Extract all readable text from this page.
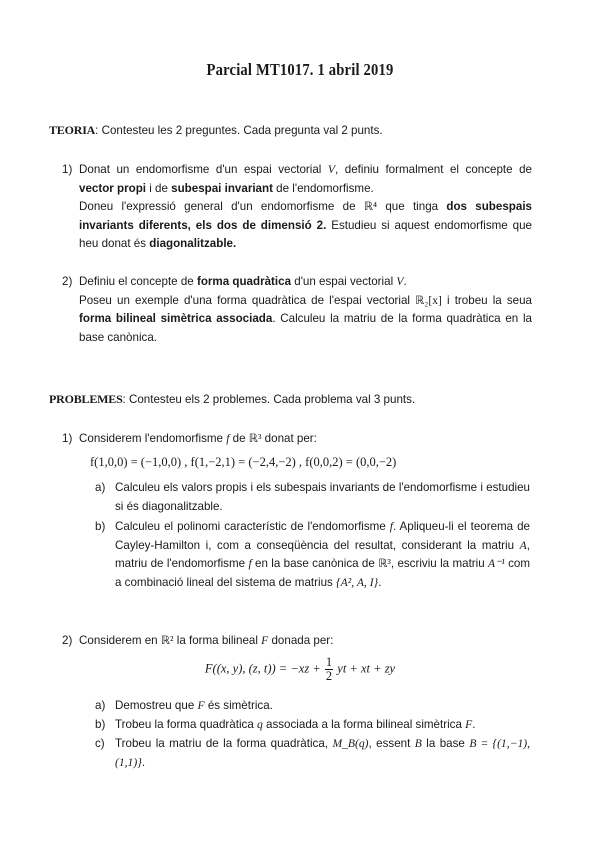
Parcial MT1017. 1 abril 2019
TEORIA: Contesteu les 2 preguntes. Cada pregunta val 2 punts.
1) Donat un endomorfisme d'un espai vectorial V, definiu formalment el concepte de vector propi i de subespai invariant de l'endomorfisme.

Doneu l'expressió general d'un endomorfisme de ℝ⁴ que tinga dos subespais invariants diferents, els dos de dimensió 2. Estudieu si aquest endomorfisme que heu donat és diagonalitzable.

2) Definiu el concepte de forma quadràtica d'un espai vectorial V.

Poseu un exemple d'una forma quadràtica de l'espai vectorial ℝ₂[x] i trobeu la seua forma bilineal simètrica associada. Calculeu la matriu de la forma quadràtica en la base canònica.

PROBLEMES: Contesteu els 2 problemes. Cada problema val 3 punts.
1) Considerem l'endomorfisme f de ℝ³ donat per:
f(1,0,0) = (−1,0,0) , f(1,−2,1) = (−2,4,−2) , f(0,0,2) = (0,0,−2)
a) Calculeu els valors propis i els subespais invariants de l'endomorfisme i estudieu si és diagonalitzable.
b) Calculeu el polinomi característic de l'endomorfisme f. Apliqueu-li el teorema de Cayley-Hamilton i, com a conseqüència del resultat, considerant la matriu A, matriu de l'endomorfisme f en la base canònica de ℝ³, escriviu la matriu A⁻¹ com a combinació lineal del sistema de matrius {A², A, I}.
2) Considerem en ℝ² la forma bilineal F donada per:
F((x, y), (z, $t)) = -xz + \frac{1}{2}$ yt + xt + zy
a) Demostreu que F és simètrica.
b) Trobeu la forma quadràtica q associada a la forma bilineal simètrica F.
c) Trobeu la matriu de la forma quadràtica, M_B(q), essent B la base B = {(1,−1), (1,1)}.
